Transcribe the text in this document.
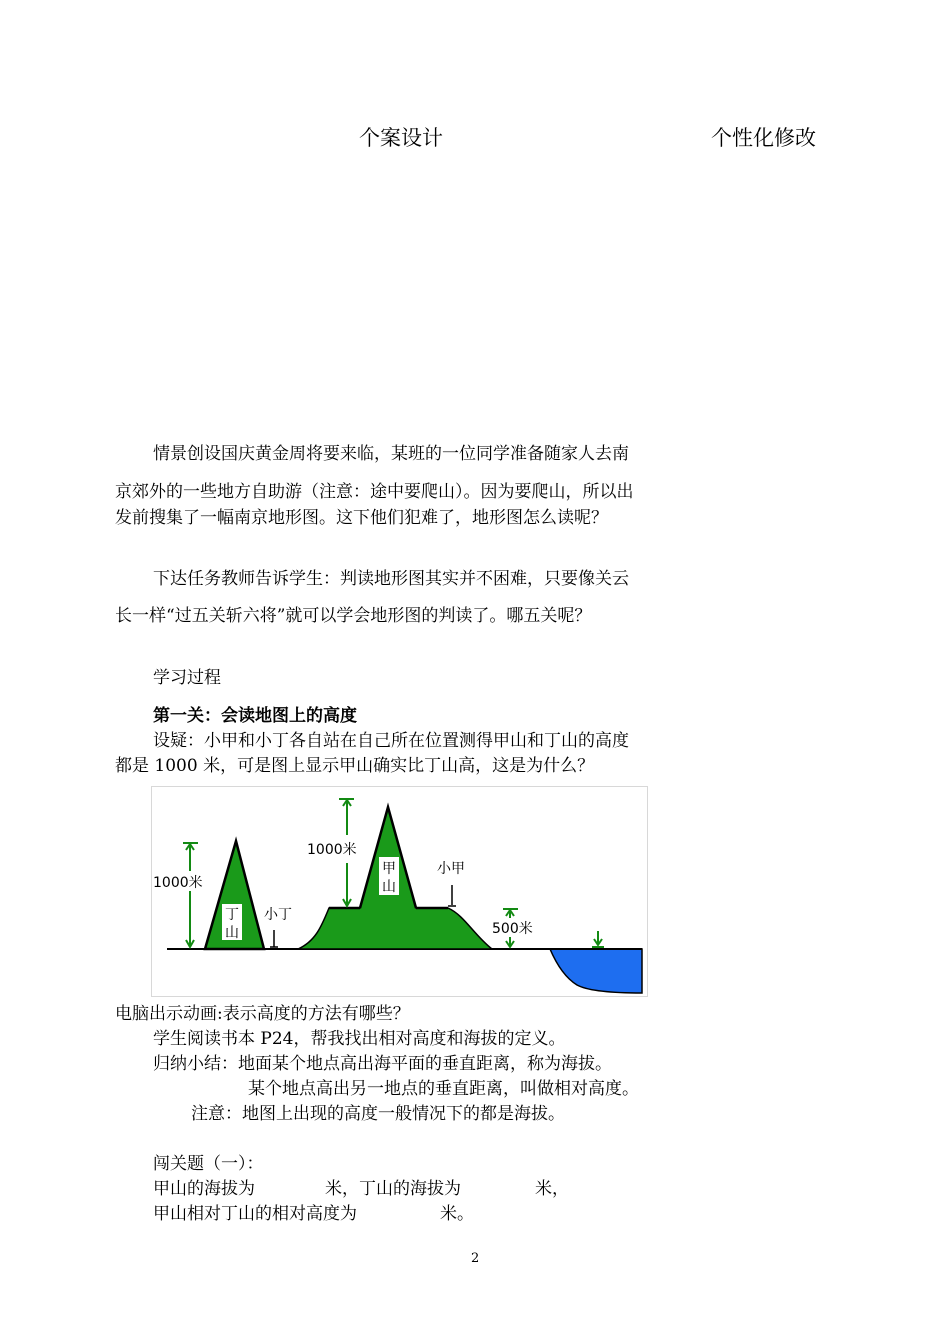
个案设计	个性化修改
情景创设国庆黄金周将要来临，某班的一位同学准备随家人去南
京郊外的一些地方自助游（注意：途中要爬山）。因为要爬山，所以出
发前搜集了一幅南京地形图。这下他们犯难了，地形图怎么读呢？
下达任务教师告诉学生：判读地形图其实并不困难，只要像关云
长一样“过五关斩六将”就可以学会地形图的判读了。哪五关呢？
学习过程
第一关：会读地图上的高度
设疑：小甲和小丁各自站在自己所在位置测得甲山和丁山的高度
都是 1000 米，可是图上显示甲山确实比丁山高，这是为什么？
丁
山
甲
山
1000米
1000米
500米
小丁
小甲
电脑出示动画:表示高度的方法有哪些？
学生阅读书本 P24，帮我找出相对高度和海拔的定义。
归纳小结：地面某个地点高出海平面的垂直距离，称为海拔。
某个地点高出另一地点的垂直距离，叫做相对高度。
注意：地图上出现的高度一般情况下的都是海拔。
闯关题（一）：
甲山的海拔为	米，丁山的海拔为	米，
甲山相对丁山的相对高度为	米。
2
